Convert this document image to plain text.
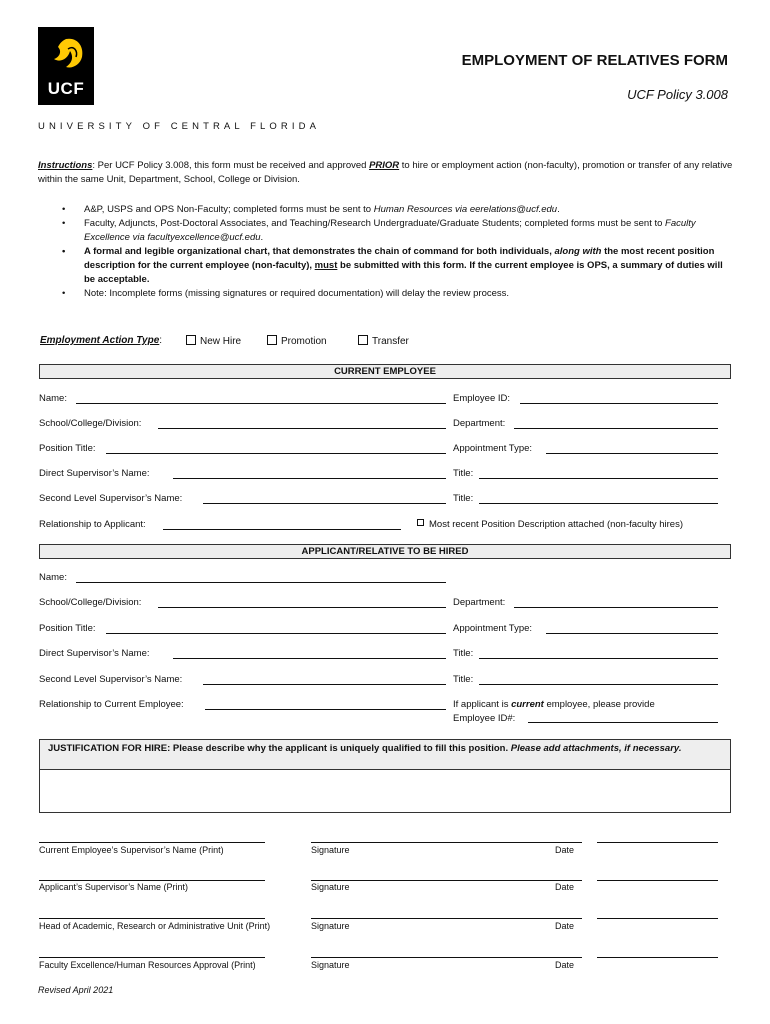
UCF
UNIVERSITY OF CENTRAL FLORIDA
EMPLOYMENT OF RELATIVES FORM
UCF Policy 3.008
Instructions: Per UCF Policy 3.008, this form must be received and approved PRIOR to hire or employment action (non-faculty), promotion or transfer of any relative within the same Unit, Department, School, College or Division.
• A&P, USPS and OPS Non-Faculty; completed forms must be sent to Human Resources via eerelations@ucf.edu.
• Faculty, Adjuncts, Post-Doctoral Associates, and Teaching/Research Undergraduate/Graduate Students; completed forms must be sent to Faculty Excellence via facultyexcellence@ucf.edu.
• A formal and legible organizational chart, that demonstrates the chain of command for both individuals, along with the most recent position description for the current employee (non-faculty), must be submitted with this form. If the current employee is OPS, a summary of duties will be acceptable.
• Note: Incomplete forms (missing signatures or required documentation) will delay the review process.
Employment Action Type:	New Hire	Promotion	Transfer
CURRENT EMPLOYEE
Name:	Employee ID:
School/College/Division:	Department:
Position Title:	Appointment Type:
Direct Supervisor’s Name:	Title:
Second Level Supervisor’s Name:	Title:
Relationship to Applicant:	Most recent Position Description attached (non-faculty hires)
APPLICANT/RELATIVE TO BE HIRED
Name:
School/College/Division:	Department:
Position Title:	Appointment Type:
Direct Supervisor’s Name:	Title:
Second Level Supervisor’s Name:	Title:
Relationship to Current Employee:	If applicant is current employee, please provide
Employee ID#:
JUSTIFICATION FOR HIRE: Please describe why the applicant is uniquely qualified to fill this position. Please add attachments, if necessary.
Current Employee’s Supervisor’s Name (Print)	Signature	Date
Applicant’s Supervisor’s Name (Print)	Signature	Date
Head of Academic, Research or Administrative Unit (Print)	Signature	Date
Faculty Excellence/Human Resources Approval (Print)	Signature	Date
Revised April 2021
